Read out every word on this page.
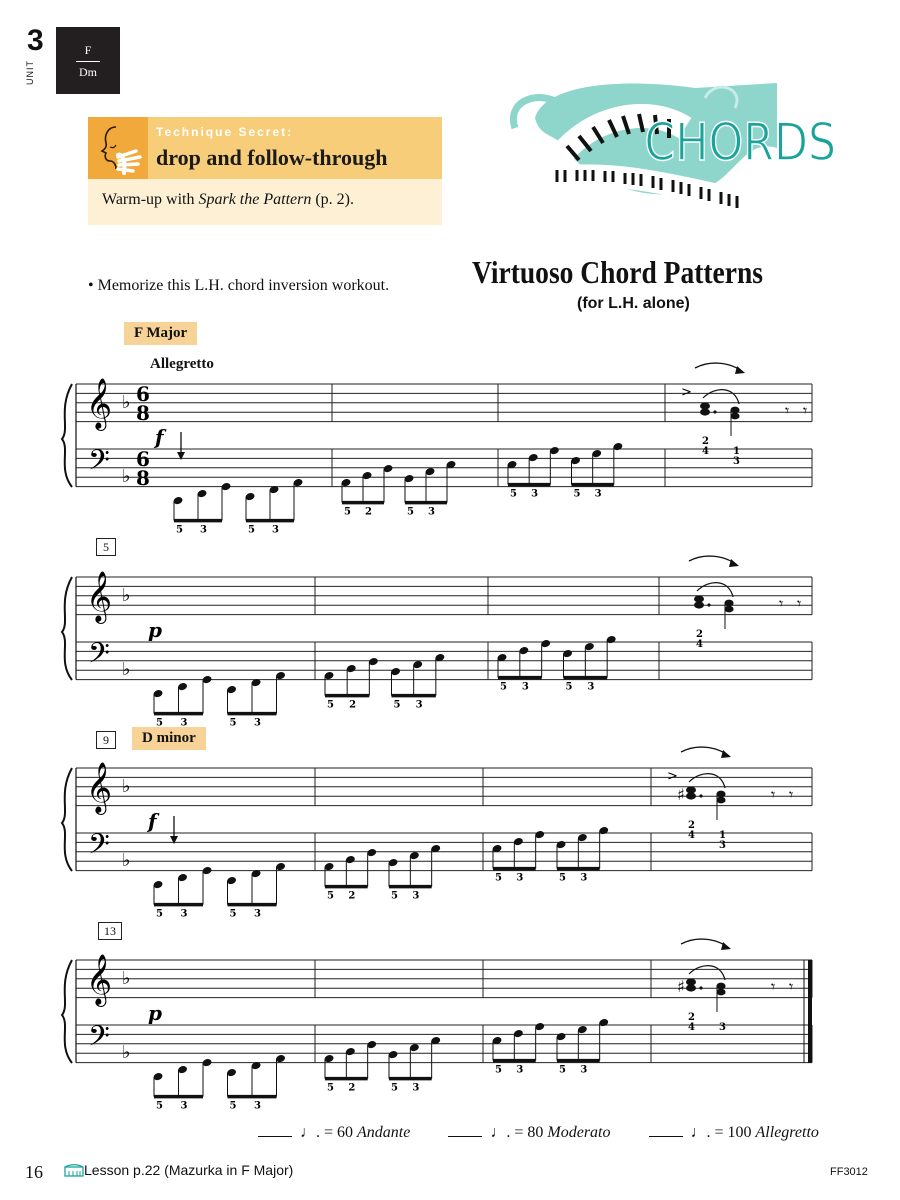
3
UNIT
F
Dm
Technique Secret:
drop and follow-through
Warm-up with Spark the Pattern (p. 2).
CHORDS
Virtuoso Chord Patterns
(for L.H. alone)
• Memorize this L.H. chord inversion workout.
F Major
Allegretto
5
9	D minor
13
𝄞
𝄢
♭
♭
6
8
6
8
f
5 3	5 3
5 2	5 3
5 3	5 3
>
𝄾 𝄾
2
4 1
3
𝄞
𝄢
♭
♭
p
5 3	5 3
5 2	5 3
5 3	5 3
𝄾 𝄾
2
4
𝄞
𝄢
♭
♭
f
5 3	5 3
5 2	5 3
5 3	5 3
>
♯	𝄾 𝄾
2
4 1
3
𝄞
𝄢
♭
♭
p
5 3	5 3
5 2	5 3
5 3	5 3
♯	𝄾 𝄾
2
4 3
♩. = 60 Andante	♩. = 80 Moderato	♩. = 100 Allegretto
16	Lesson p.22 (Mazurka in F Major)	FF3012
